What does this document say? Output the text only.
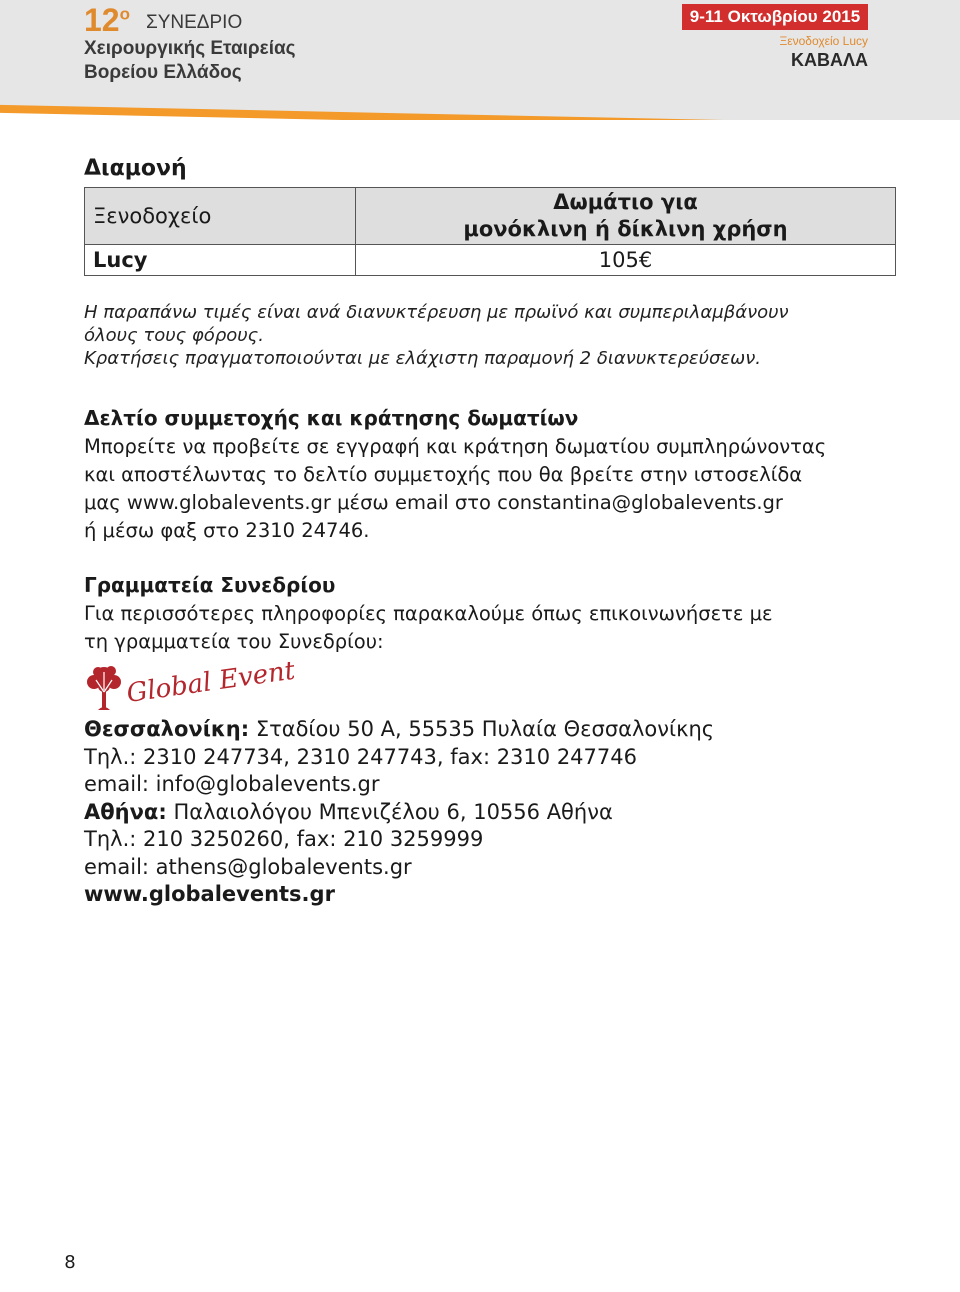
$12^o$ ΣΥΝΕΔΡΙΟ
Χειρουργικής Εταιρείας
Βορείου Ελλάδος
9-11 Οκτωβρίου 2015
Ξενοδοχείο Lucy
ΚΑΒΑΛΑ
Διαμονή
Ξενοδοχείο	Δωμάτιο για
μονόκλινη ή δίκλινη χρήση

Lucy	105€
Η παραπάνω τιμές είναι ανά διανυκτέρευση με πρωϊνό και συμπεριλαμβάνουν
όλους τους φόρους.
Κρατήσεις πραγματοποιούνται με ελάχιστη παραμονή 2 διανυκτερεύσεων.
Δελτίο συμμετοχής και κράτησης δωματίων
Μπορείτε να προβείτε σε εγγραφή και κράτηση δωματίου συμπληρώνοντας
και αποστέλωντας το δελτίο συμμετοχής που θα βρείτε στην ιστοσελίδα
μας www.globalevents.gr μέσω email στο constantina@globalevents.gr
ή μέσω φαξ στο 2310 24746.
Γραμματεία Συνεδρίου
Για περισσότερες πληροφορίες παρακαλούμε όπως επικοινωνήσετε με
τη γραμματεία του Συνεδρίου:
Global Events
Θεσσαλονίκη: Σταδίου 50 Α, 55535 Πυλαία Θεσσαλονίκης
Τηλ.: 2310 247734, 2310 247743, fax: 2310 247746
email: info@globalevents.gr
Αθήνα: Παλαιολόγου Μπενιζέλου 6, 10556 Αθήνα
Τηλ.: 210 3250260, fax: 210 3259999
email: athens@globalevents.gr
www.globalevents.gr
8
